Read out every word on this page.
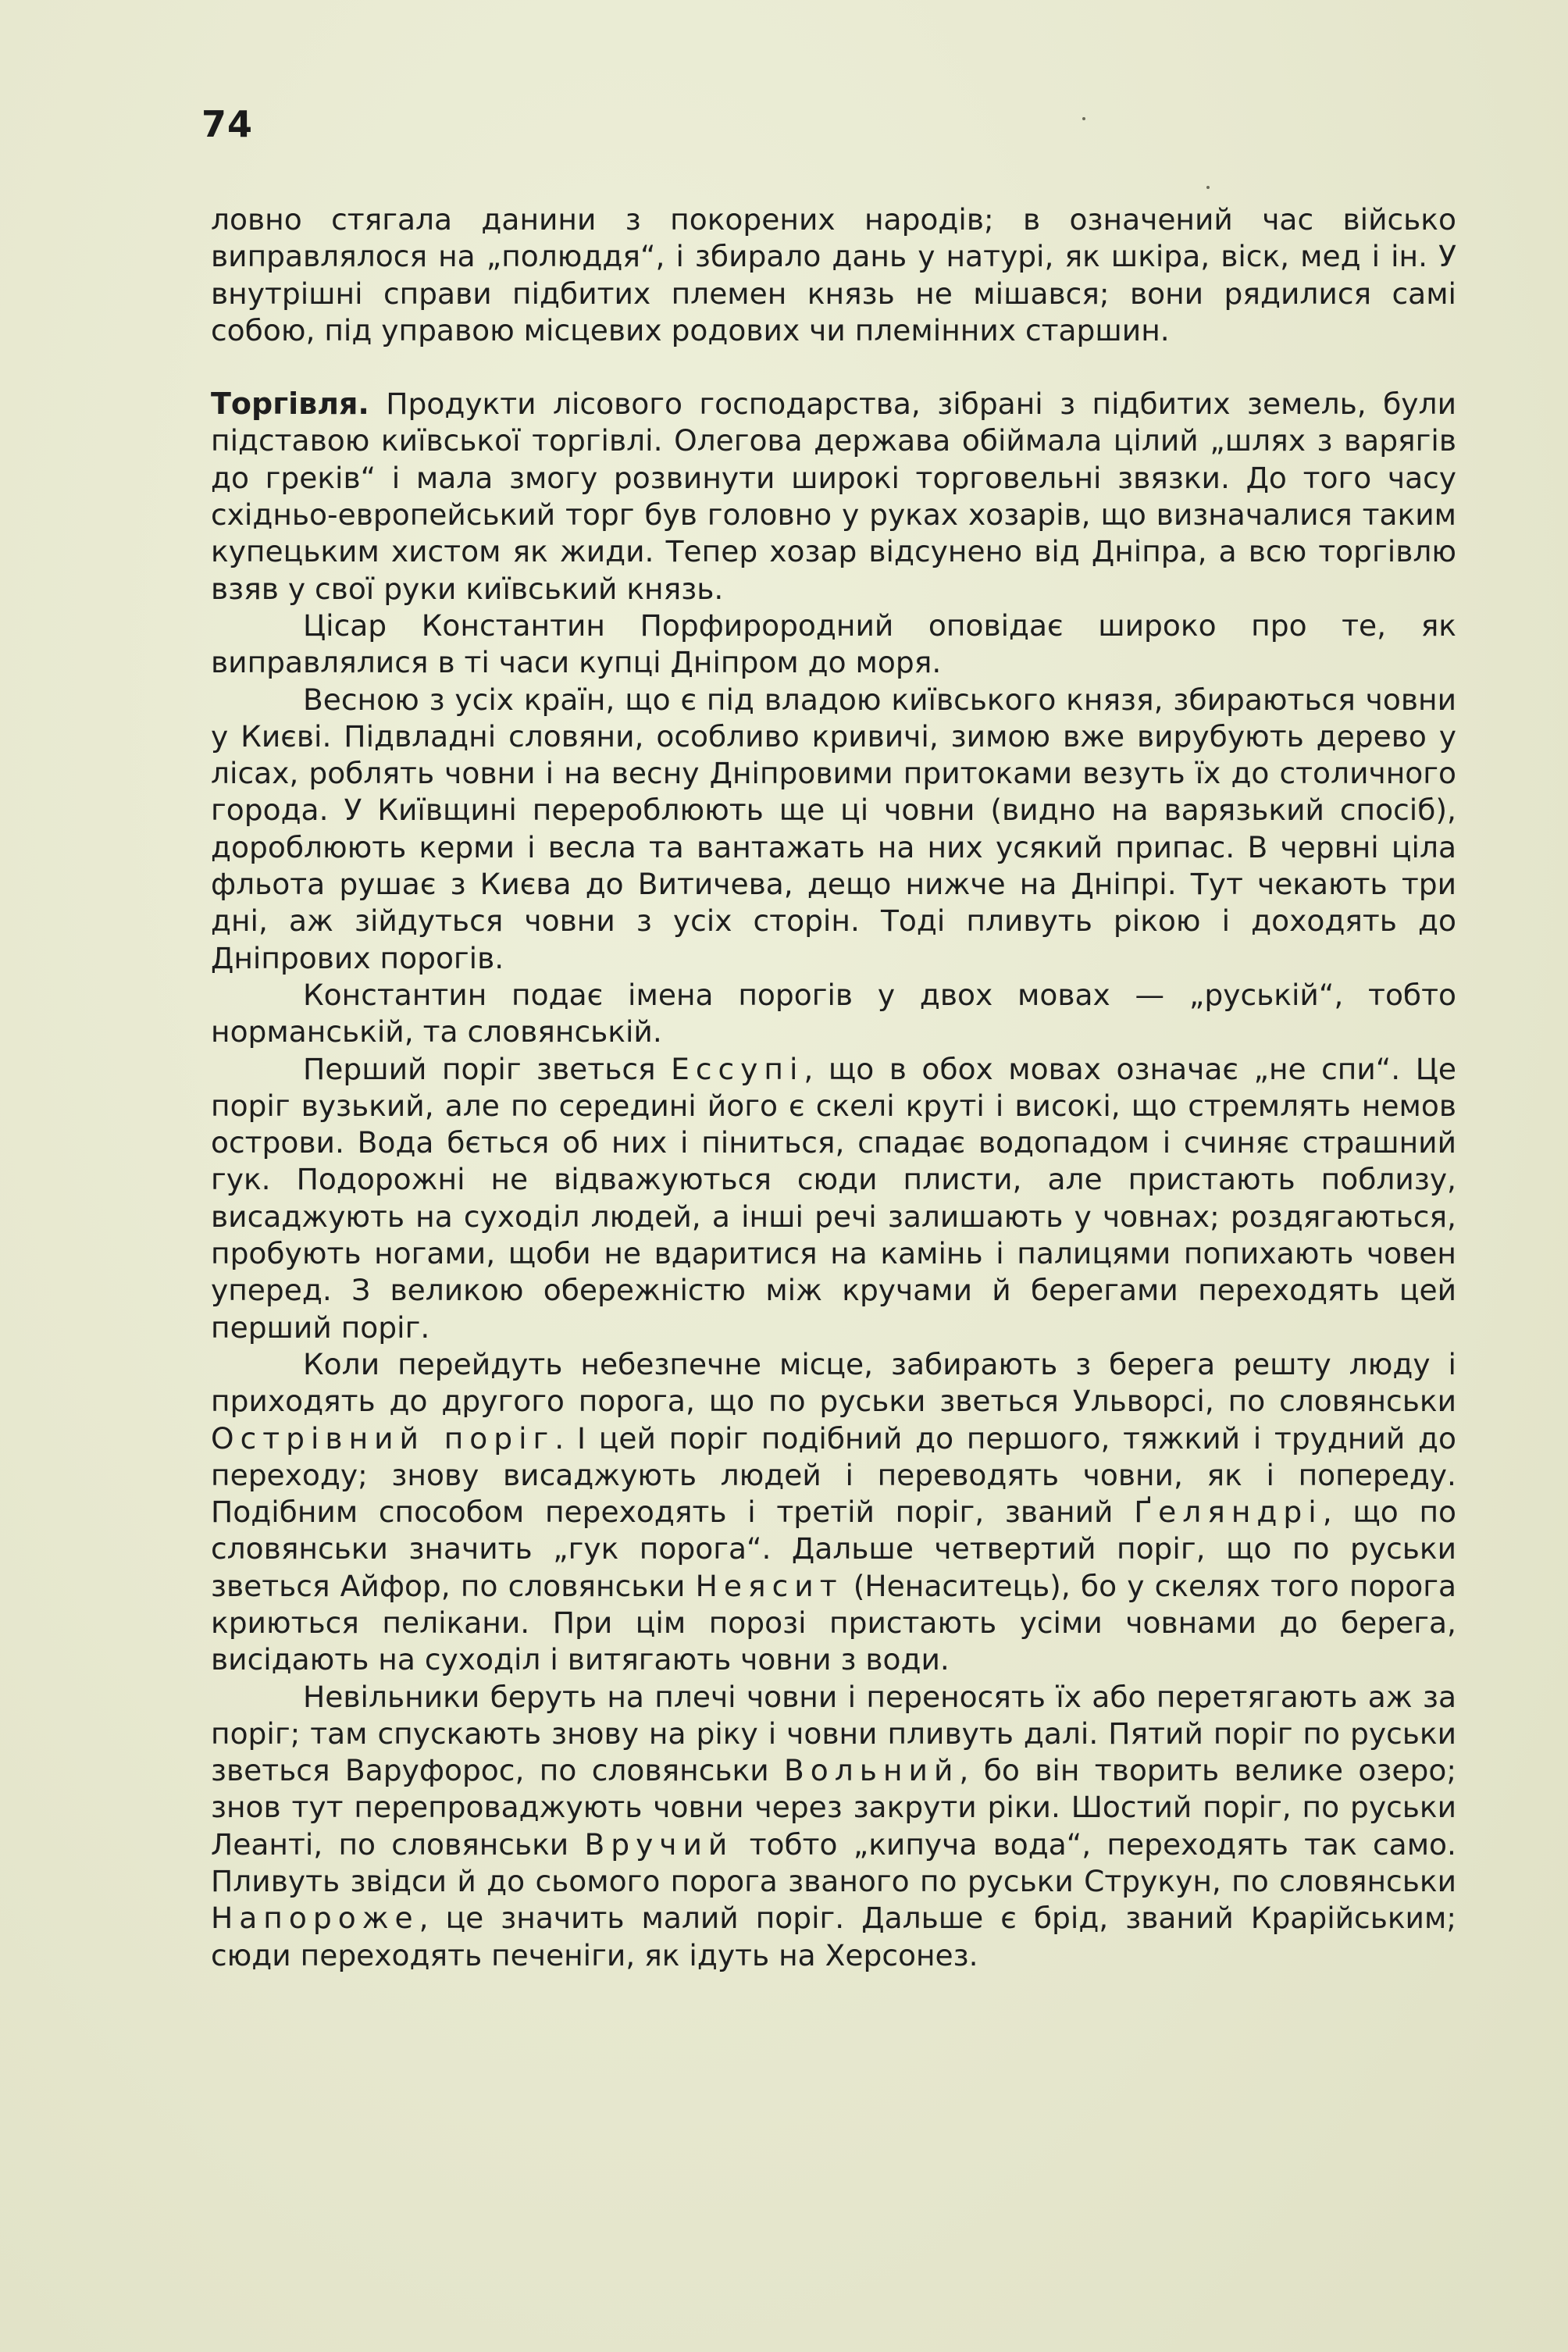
74

ловно стягала данини з покорених народів; в означений час військо виправлялося на „полюддя“, і збирало дань у натурі, як шкіра, віск, мед і ін. У внутрішні справи підбитих племен князь не мішався; вони рядилися самі собою, під управою місцевих родових чи племінних старшин.

Торгівля. Продукти лісового господарства, зібрані з підбитих земель, були підставою київської торгівлі. Олегова держава обіймала цілий „шлях з варягів до греків“ і мала змогу розвинути широкі торговельні звязки. До того часу східньо-европейський торг був головно у руках хозарів, що визначалися таким купецьким хистом як жиди. Тепер хозар відсунено від Дніпра, а всю торгівлю взяв у свої руки київський князь.

Цісар Константин Порфирородний оповідає широко про те, як виправлялися в ті часи купці Дніпром до моря.

Весною з усіх країн, що є під владою київського князя, збираються човни у Києві. Підвладні словяни, особливо кривичі, зимою вже вирубують дерево у лісах, роблять човни і на весну Дніпровими притоками везуть їх до столичного города. У Київщині перероблюють ще ці човни (видно на варязький спосіб), дороблюють керми і весла та вантажать на них усякий припас. В червні ціла фльота рушає з Києва до Витичева, дещо нижче на Дніпрі. Тут чекають три дні, аж зійдуться човни з усіх сторін. Тоді пливуть рікою і доходять до Дніпрових порогів.

Константин подає імена порогів у двох мовах — „руській“, тобто норманській, та словянській.

Перший поріг зветься Ессупі, що в обох мовах означає „не спи“. Це поріг вузький, але по середині його є скелі круті і високі, що стремлять немов острови. Вода бється об них і піниться, спадає водопадом і счиняє страшний гук. Подорожні не відважуються сюди плисти, але пристають поблизу, висаджують на суходіл людей, а інші речі залишають у човнах; роздягаються, пробують ногами, щоби не вдаритися на камінь і палицями попихають човен уперед. З великою обережністю між кручами й берегами переходять цей перший поріг.

Коли перейдуть небезпечне місце, забирають з берега решту люду і приходять до другого порога, що по руськи зветься Ульворсі, по словянськи Острівний поріг. І цей поріг подібний до першого, тяжкий і трудний до переходу; знову висаджують людей і переводять човни, як і попереду. Подібним способом переходять і третій поріг, званий Ґеляндрі, що по словянськи значить „гук порога“. Дальше четвертий поріг, що по руськи зветься Айфор, по словянськи Неясит (Ненаситець), бо у скелях того порога криються пелікани. При цім порозі пристають усіми човнами до берега, висідають на суходіл і витягають човни з води.

Невільники беруть на плечі човни і переносять їх або перетягають аж за поріг; там спускають знову на ріку і човни пливуть далі. Пятий поріг по руськи зветься Варуфорос, по словянськи Вольний, бо він творить велике озеро; знов тут перепроваджують човни через закрути ріки. Шостий поріг, по руськи Леанті, по словянськи Вручий тобто „кипуча вода“, переходять так само. Пливуть звідси й до сьомого порога званого по руськи Струкун, по словянськи Напороже, це значить малий поріг. Дальше є брід, званий Крарійським; сюди переходять печеніги, як ідуть на Херсонез.
